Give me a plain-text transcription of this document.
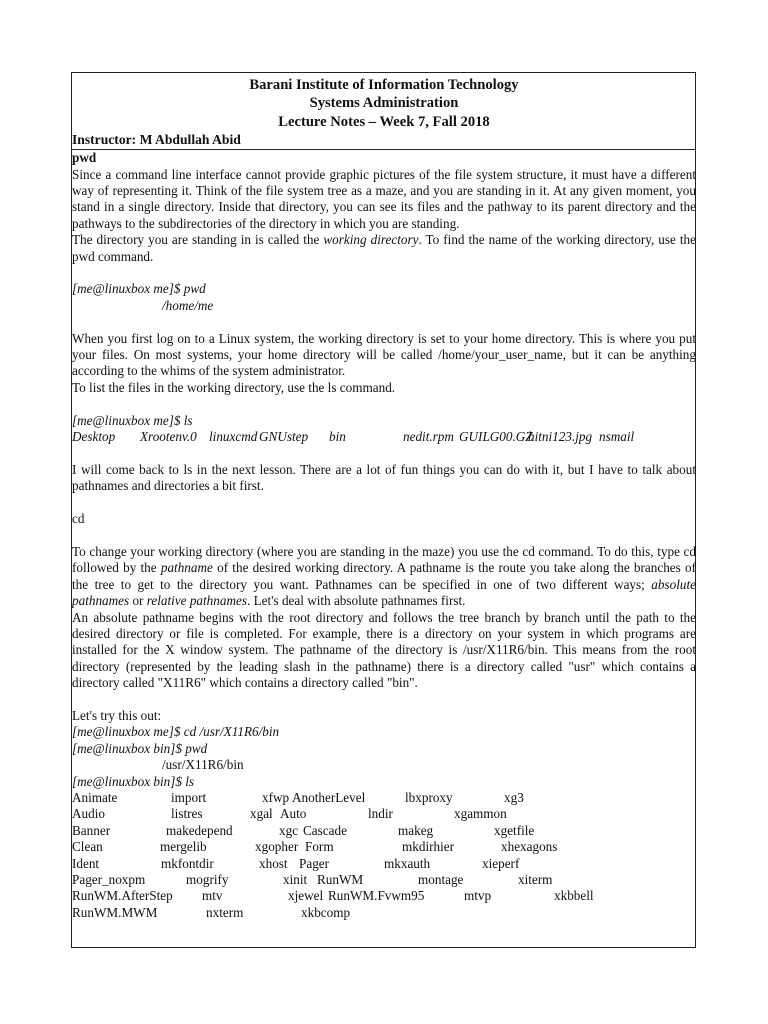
Barani Institute of Information Technology
Systems Administration
Lecture Notes – Week 7, Fall 2018
Instructor: M Abdullah Abid
pwd

Since a command line interface cannot provide graphic pictures of the file system structure, it must have a different way of representing it. Think of the file system tree as a maze, and you are standing in it. At any given moment, you stand in a single directory. Inside that directory, you can see its files and the pathway to its parent directory and the pathways to the subdirectories of the directory in which you are standing.

The directory you are standing in is called the working directory. To find the name of the working directory, use the pwd command.

[me@linuxbox me]$ pwd
/home/me

When you first log on to a Linux system, the working directory is set to your home directory. This is where you put your files. On most systems, your home directory will be called /home/your_user_name, but it can be anything according to the whims of the system administrator.

To list the files in the working directory, use the ls command.

[me@linuxbox me]$ ls
Desktop	Xrootenv.0 linuxcmd GNUstep	bin	nedit.rpm GUILG00.GZ
hitni123.jpg nsmail

I will come back to ls in the next lesson. There are a lot of fun things you can do with it, but I have to talk about pathnames and directories a bit first.

cd

To change your working directory (where you are standing in the maze) you use the cd command. To do this, type cd followed by the pathname of the desired working directory. A pathname is the route you take along the branches of the tree to get to the directory you want. Pathnames can be specified in one of two different ways; absolute pathnames or relative pathnames. Let's deal with absolute pathnames first.

An absolute pathname begins with the root directory and follows the tree branch by branch until the path to the desired directory or file is completed. For example, there is a directory on your system in which programs are installed for the X window system. The pathname of the directory is /usr/X11R6/bin. This means from the root directory (represented by the leading slash in the pathname) there is a directory called "usr" which contains a directory called "X11R6" which contains a directory called "bin".

Let's try this out:
[me@linuxbox me]$ cd /usr/X11R6/bin
[me@linuxbox bin]$ pwd
/usr/X11R6/bin
[me@linuxbox bin]$ ls
Animate	import	xfwp AnotherLevel	lbxproxy	xg3
Audio	listres	xgal Auto	lndir	xgammon
Banner	makedepend	xgc Cascade	makeg	xgetfile
Clean	mergelib	xgopher Form	mkdirhier	xhexagons
Ident	mkfontdir	xhost Pager	mkxauth	xieperf
Pager_noxpm	mogrify	xinit RunWM	montage	xiterm
RunWM.AfterStep	mtv	xjewel RunWM.Fvwm95	mtvp	xkbbell
RunWM.MWM	nxterm	xkbcomp
